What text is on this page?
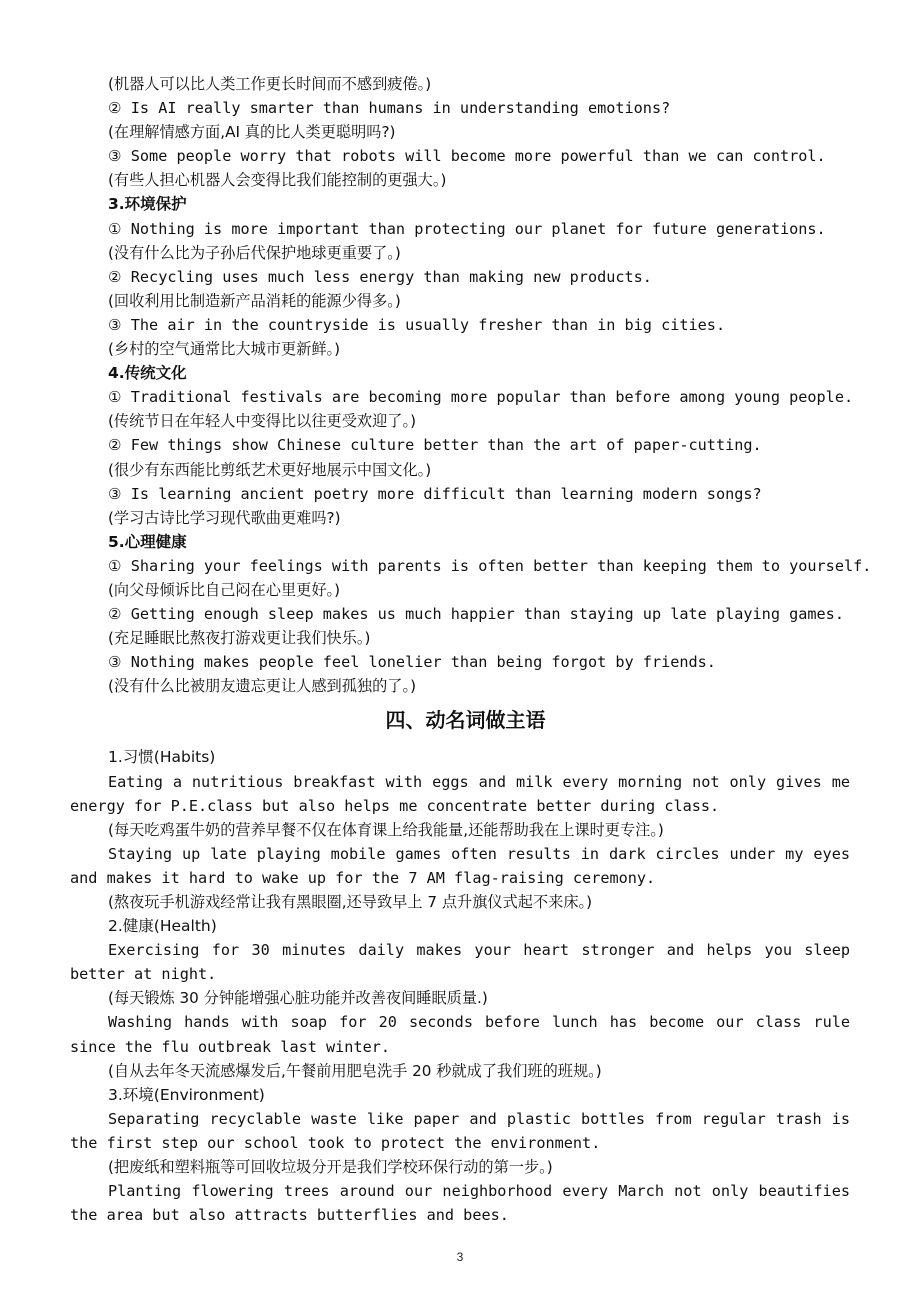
(机器人可以比人类工作更长时间而不感到疲倦。)
② Is AI really smarter than humans in understanding emotions?
(在理解情感方面,AI 真的比人类更聪明吗?)
③ Some people worry that robots will become more powerful than we can control.
(有些人担心机器人会变得比我们能控制的更强大。)
3.环境保护
① Nothing is more important than protecting our planet for future generations.
(没有什么比为子孙后代保护地球更重要了。)
② Recycling uses much less energy than making new products.
(回收利用比制造新产品消耗的能源少得多。)
③ The air in the countryside is usually fresher than in big cities.
(乡村的空气通常比大城市更新鲜。)
4.传统文化
① Traditional festivals are becoming more popular than before among young people.
(传统节日在年轻人中变得比以往更受欢迎了。)
② Few things show Chinese culture better than the art of paper-cutting.
(很少有东西能比剪纸艺术更好地展示中国文化。)
③ Is learning ancient poetry more difficult than learning modern songs?
(学习古诗比学习现代歌曲更难吗?)
5.心理健康
① Sharing your feelings with parents is often better than keeping them to yourself.
(向父母倾诉比自己闷在心里更好。)
② Getting enough sleep makes us much happier than staying up late playing games.
(充足睡眠比熬夜打游戏更让我们快乐。)
③ Nothing makes people feel lonelier than being forgot by friends.
(没有什么比被朋友遗忘更让人感到孤独的了。)
四、动名词做主语
1.习惯(Habits)
Eating a nutritious breakfast with eggs and milk every morning not only gives me energy for P.E.class but also helps me concentrate better during class.
(每天吃鸡蛋牛奶的营养早餐不仅在体育课上给我能量,还能帮助我在上课时更专注。)
Staying up late playing mobile games often results in dark circles under my eyes and makes it hard to wake up for the 7 AM flag-raising ceremony.
(熬夜玩手机游戏经常让我有黑眼圈,还导致早上 7 点升旗仪式起不来床。)
2.健康(Health)
Exercising for 30 minutes daily makes your heart stronger and helps you sleep better at night.
(每天锻炼 30 分钟能增强心脏功能并改善夜间睡眠质量.)
Washing hands with soap for 20 seconds before lunch has become our class rule since the flu outbreak last winter.
(自从去年冬天流感爆发后,午餐前用肥皂洗手 20 秒就成了我们班的班规。)
3.环境(Environment)
Separating recyclable waste like paper and plastic bottles from regular trash is the first step our school took to protect the environment.
(把废纸和塑料瓶等可回收垃圾分开是我们学校环保行动的第一步。)
Planting flowering trees around our neighborhood every March not only beautifies the area but also attracts butterflies and bees.
3
